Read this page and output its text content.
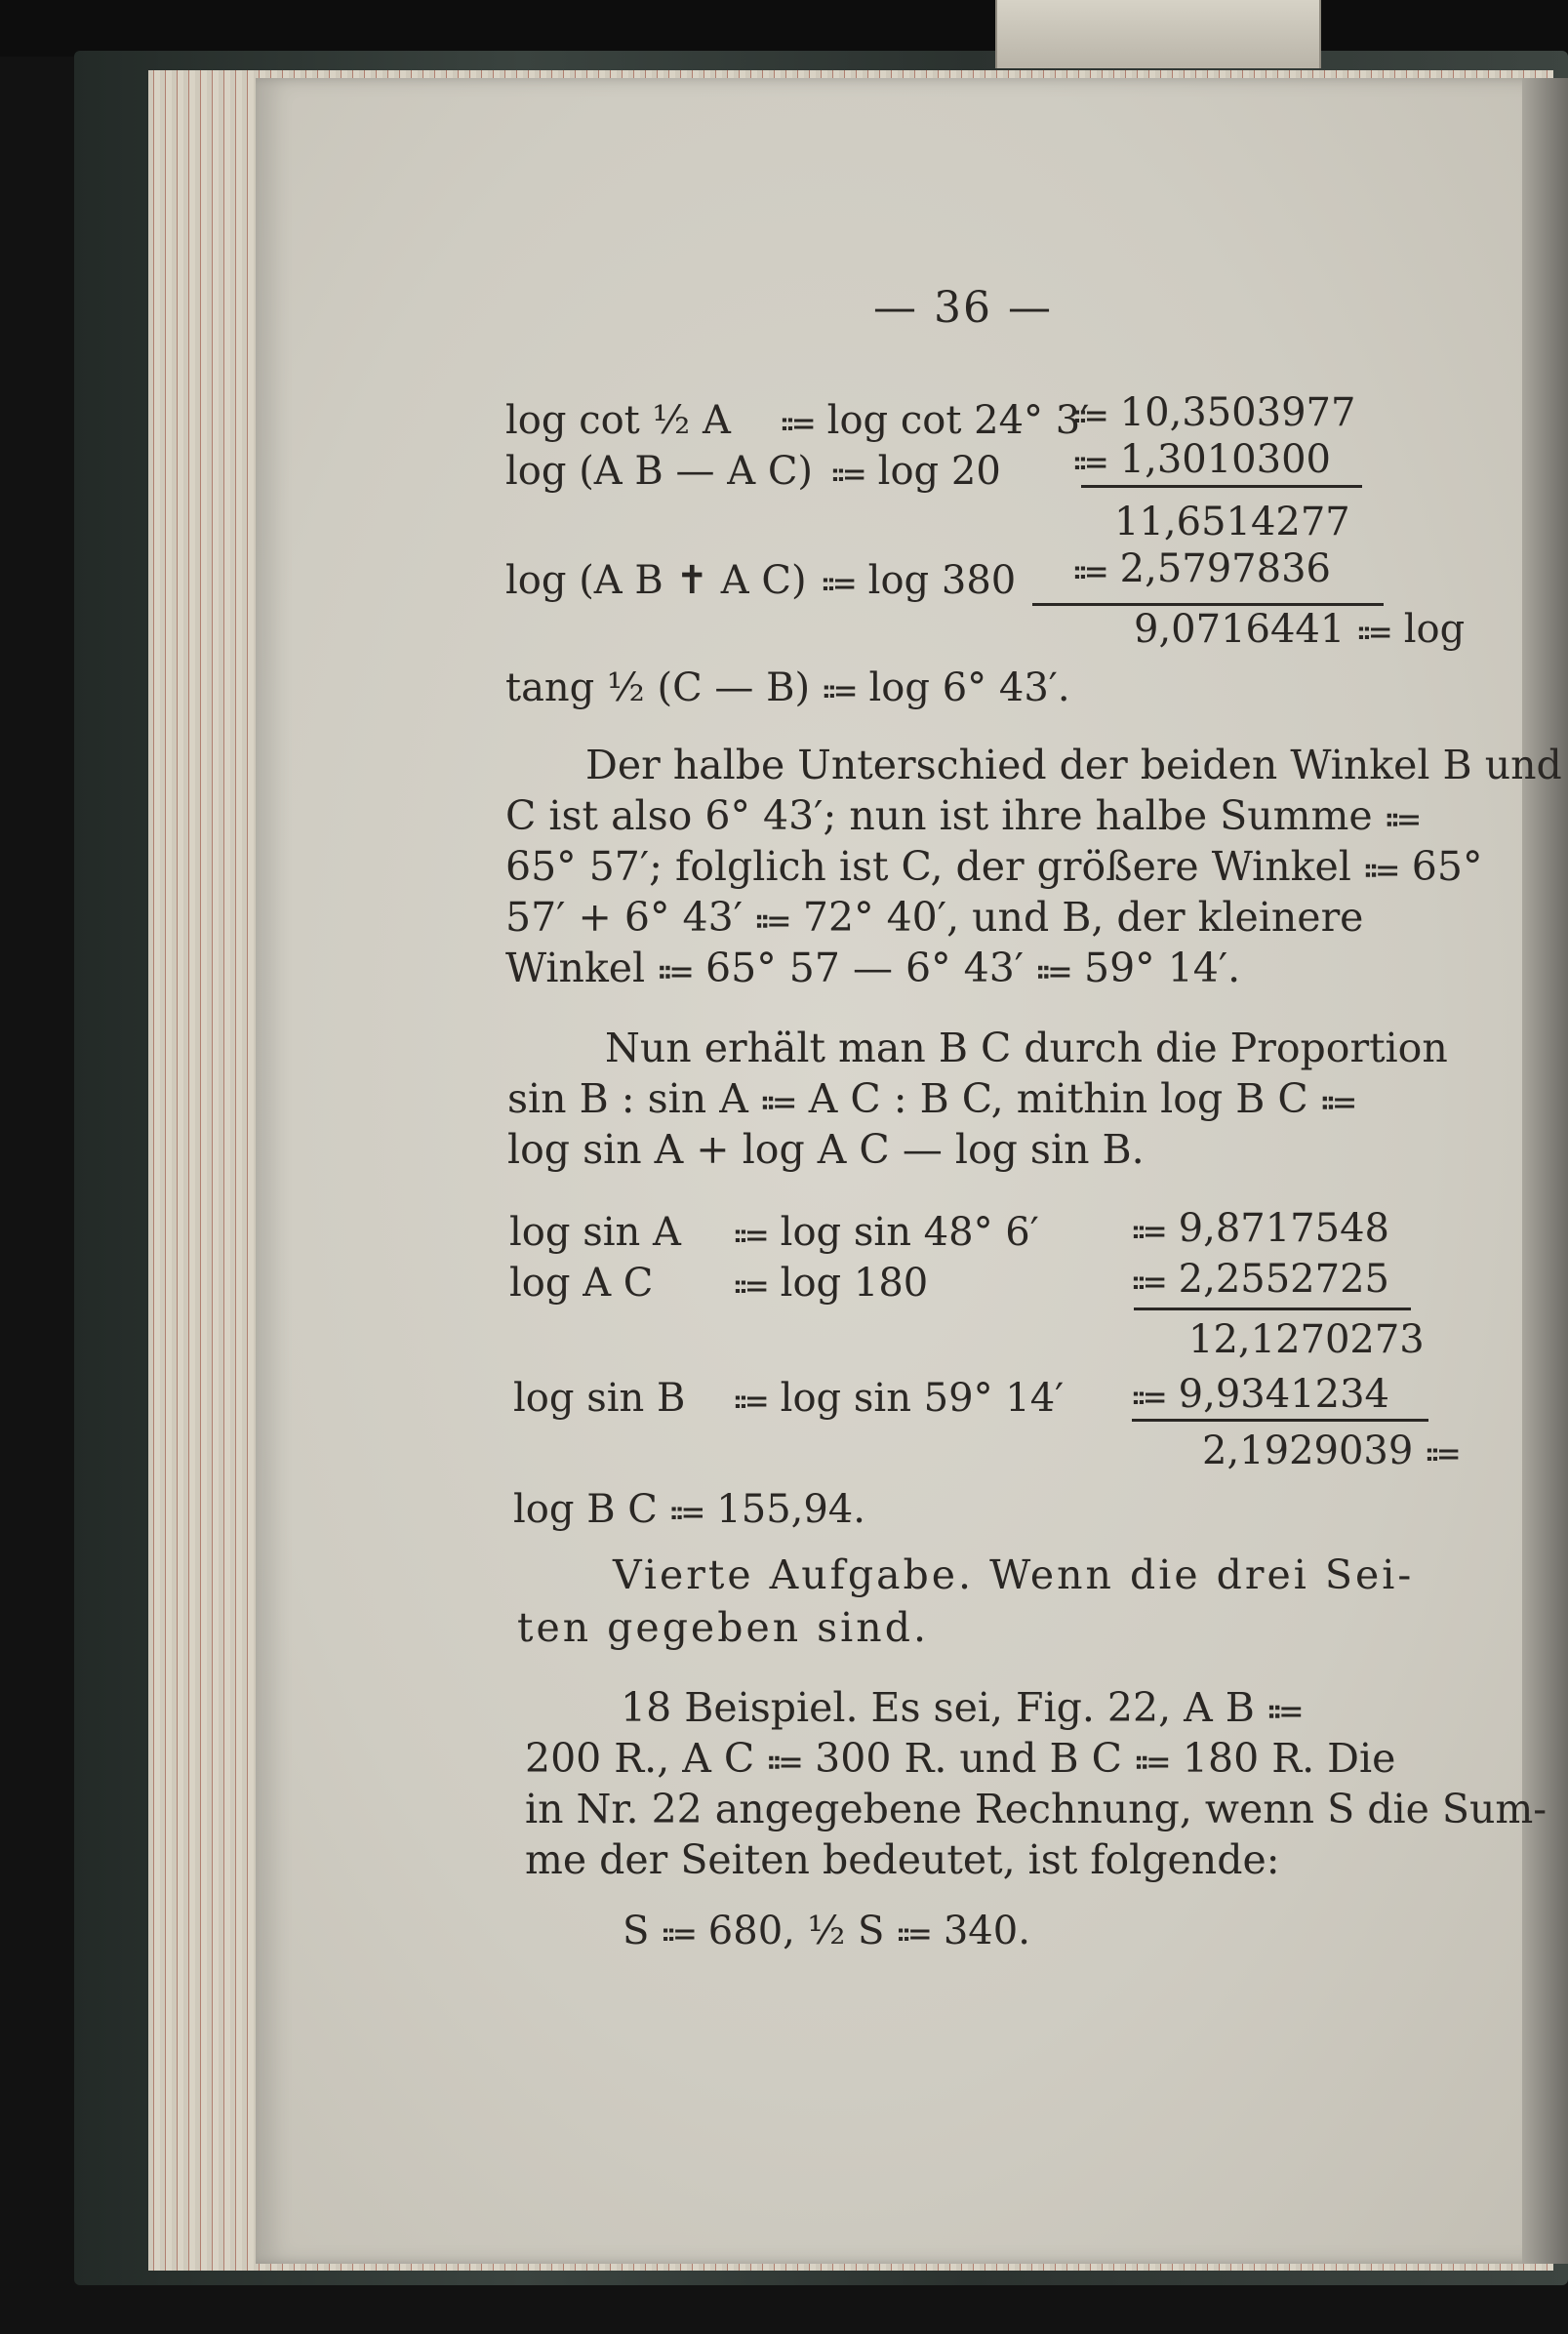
— 36 —
log cot ½ A ⩴ log cot 24° 3′
⩴ 10,3503977
log (A B — A C) ⩴ log 20 ⩴ 1,3010300
11,6514277
log (A B ✝ A C) ⩴ log 380 ⩴ 2,5797836
9,0716441 ⩴ log
tang ½ (C — B) ⩴ log 6° 43′.
Der halbe Unterschied der beiden Winkel B und
C ist also 6° 43′; nun ist ihre halbe Summe ⩴
65° 57′; folglich ist C, der größere Winkel ⩴ 65°
57′ + 6° 43′ ⩴ 72° 40′, und B, der kleinere
Winkel ⩴ 65° 57 — 6° 43′ ⩴ 59° 14′.
Nun erhält man B C durch die Proportion
sin B : sin A ⩴ A C : B C, mithin log B C ⩴
log sin A + log A C — log sin B.
log sin A ⩴ log sin 48° 6′ ⩴ 9,8717548
log A C ⩴ log 180	⩴ 2,2552725
12,1270273
log sin B ⩴ log sin 59° 14′ ⩴ 9,9341234
2,1929039 ⩴
log B C ⩴ 155,94.
Vierte Aufgabe. Wenn die drei Sei-
ten gegeben sind.
18 Beispiel. Es sei, Fig. 22, A B ⩴
200 R., A C ⩴ 300 R. und B C ⩴ 180 R. Die
in Nr. 22 angegebene Rechnung, wenn S die Sum-
me der Seiten bedeutet, ist folgende:
S ⩴ 680, ½ S ⩴ 340.
